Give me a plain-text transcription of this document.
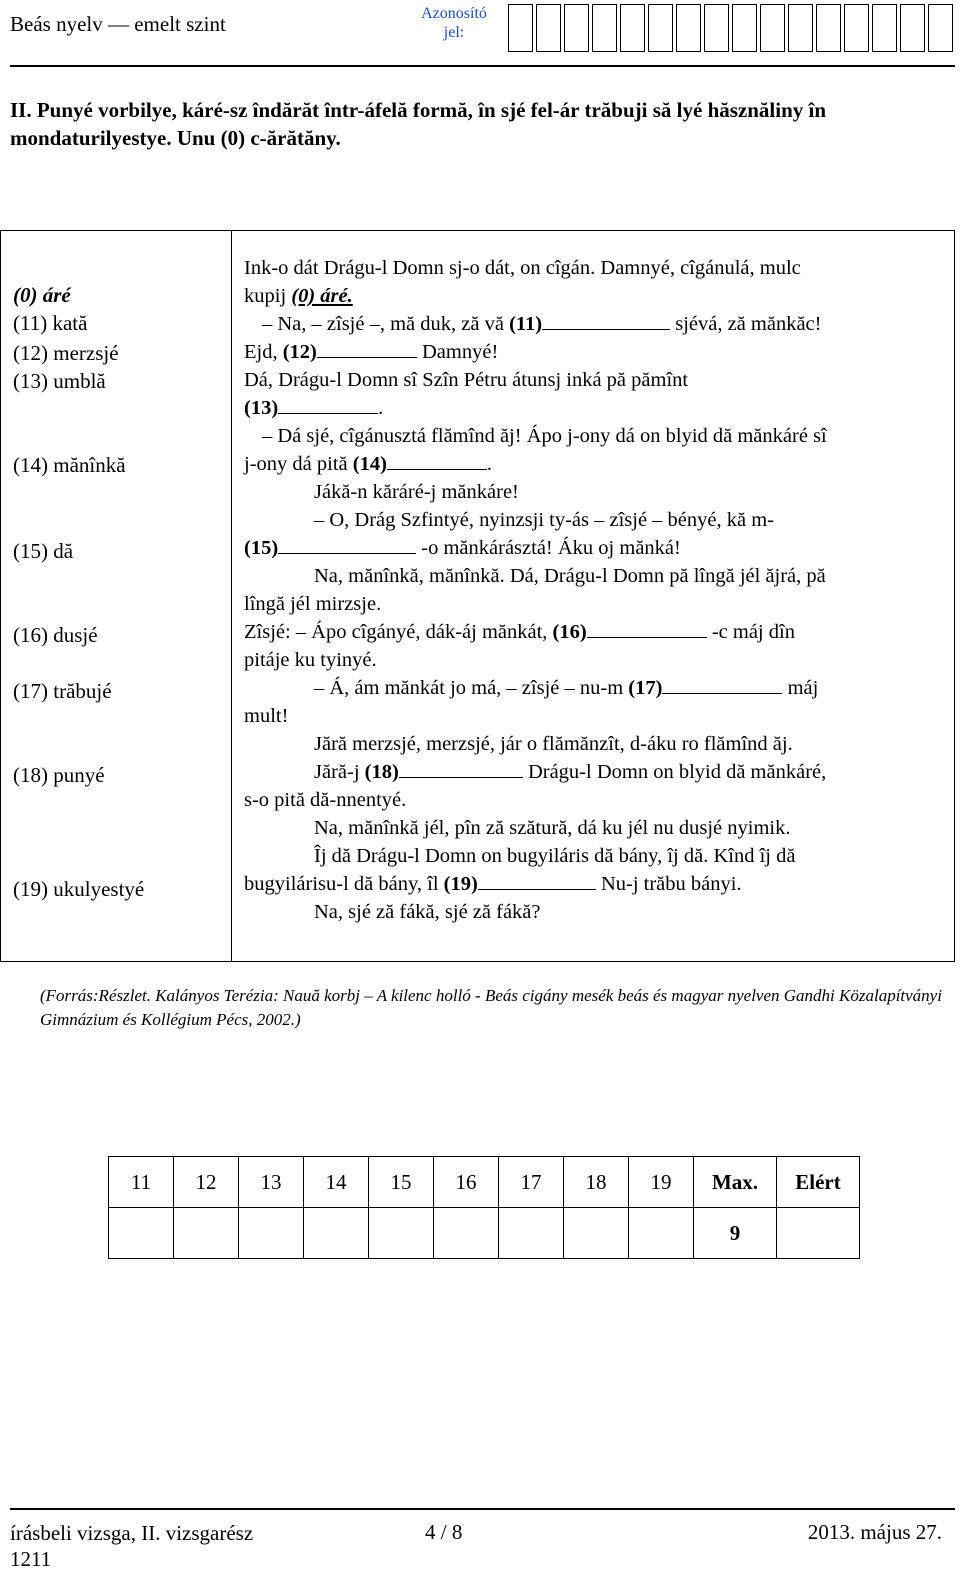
Beás nyelv — emelt szint	Azonosító jel:
II. Punyé vorbilye, káré-sz îndărăt într-áfelă formă, în sjé fel-ár trăbuji să lyé hăsznăliny în mondaturilyestye. Unu (0) c-ărătăny.
(0) áré
(11) kată
(12) merzsjé
(13) umblă
(14) mănînkă
(15) dă
(16) dusjé
(17) trăbujé
(18) punyé
(19) ukulyestyé
Ink-o dát Drágu-l Domn sj-o dát, on cîgán. Damnyé, cîgánulá, mulc
kupij (0) áré.
– Na, – zîsjé –, mă duk, ză vă (11)	sjévá, ză mănkăc!
Ejd, (12)	Damnyé!
Dá, Drágu-l Domn sî Szîn Pétru átunsj inká pă pămînt
(13)	.
– Dá sjé, cîgánusztá flămînd ăj! Ápo j-ony dá on blyid dă mănkáré sî
j-ony dá pită (14)	.
Jákă-n kăráré-j mănkáre!
– O, Drág Szfintyé, nyinzsji ty-ás – zîsjé – bényé, kă m-
(15)	-o mănkárásztá! Áku oj mănká!
Na, mănînkă, mănînkă. Dá, Drágu-l Domn pă lîngă jél ăjrá, pă
lîngă jél mirzsje.
Zîsjé: – Ápo cîgányé, dák-áj mănkát, (16)	-c máj dîn
pitáje ku tyinyé.
– Á, ám mănkát jo má, – zîsjé – nu-m (17)	máj
mult!
Jără merzsjé, merzsjé, jár o flămănzît, d-áku ro flămînd ăj.
Jără-j (18)	Drágu-l Domn on blyid dă mănkáré,
s-o pită dă-nnentyé.
Na, mănînkă jél, pîn ză szătură, dá ku jél nu dusjé nyimik.
Îj dă Drágu-l Domn on bugyiláris dă bány, îj dă. Kînd îj dă
bugyilárisu-l dă bány, îl (19)	Nu-j trăbu bányi.
Na, sjé ză fákă, sjé ză fákă?
(Forrás:Részlet. Kalányos Terézia: Nauă korbj – A kilenc holló - Beás cigány mesék beás és magyar nyelven Gandhi Közalapítványi Gimnázium és Kollégium Pécs, 2002.)
11	12	13	14	15	16	17	18	19	Max.	Elért
									9	
írásbeli vizsga, II. vizsgarész
1211
4 / 8	2013. május 27.
